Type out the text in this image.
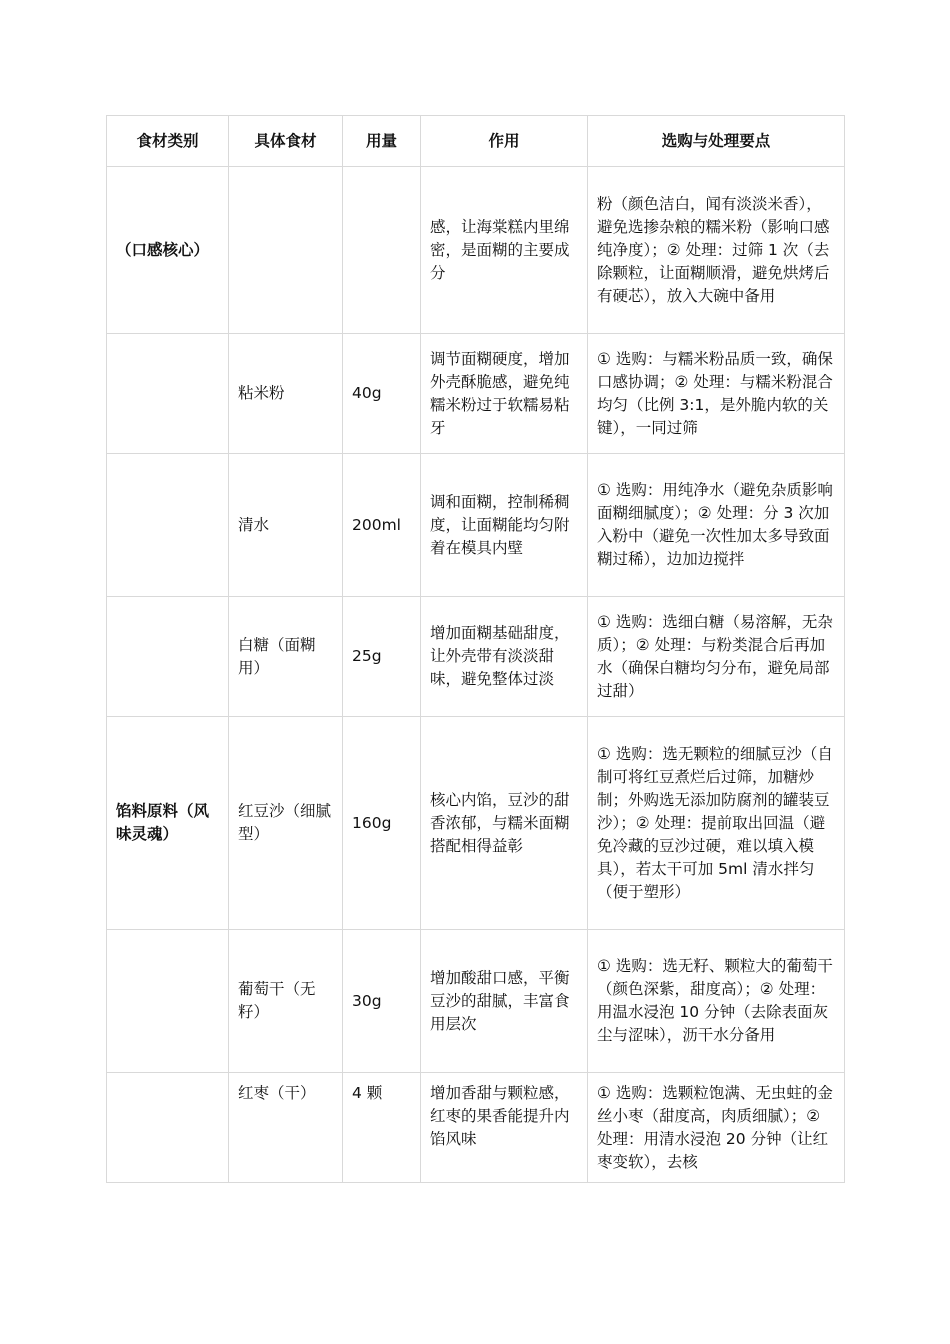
食材类别	具体食材	用量	作用	选购与处理要点
（口感核心）			感，让海棠糕内里绵密，是面糊的主要成分	粉（颜色洁白，闻有淡淡米香），避免选掺杂粮的糯米粉（影响口感纯净度）；② 处理：过筛 1 次（去除颗粒，让面糊顺滑，避免烘烤后有硬芯），放入大碗中备用
	粘米粉	40g	调节面糊硬度，增加外壳酥脆感，避免纯糯米粉过于软糯易粘牙	① 选购：与糯米粉品质一致，确保口感协调；② 处理：与糯米粉混合均匀（比例 3:1，是外脆内软的关键），一同过筛
	清水	200ml	调和面糊，控制稀稠度，让面糊能均匀附着在模具内壁	① 选购：用纯净水（避免杂质影响面糊细腻度）；② 处理：分 3 次加入粉中（避免一次性加太多导致面糊过稀），边加边搅拌
	白糖（面糊用）	25g	增加面糊基础甜度，让外壳带有淡淡甜味，避免整体过淡	① 选购：选细白糖（易溶解，无杂质）；② 处理：与粉类混合后再加水（确保白糖均匀分布，避免局部过甜）
馅料原料（风味灵魂）	红豆沙（细腻型）	160g	核心内馅，豆沙的甜香浓郁，与糯米面糊搭配相得益彰	① 选购：选无颗粒的细腻豆沙（自制可将红豆煮烂后过筛，加糖炒制；外购选无添加防腐剂的罐装豆沙）；② 处理：提前取出回温（避免冷藏的豆沙过硬，难以填入模具），若太干可加 5ml 清水拌匀（便于塑形）
	葡萄干（无籽）	30g	增加酸甜口感，平衡豆沙的甜腻，丰富食用层次	① 选购：选无籽、颗粒大的葡萄干（颜色深紫，甜度高）；② 处理：用温水浸泡 10 分钟（去除表面灰尘与涩味），沥干水分备用
	红枣（干）	4 颗	增加香甜与颗粒感，红枣的果香能提升内馅风味	① 选购：选颗粒饱满、无虫蛀的金丝小枣（甜度高，肉质细腻）；② 处理：用清水浸泡 20 分钟（让红枣变软），去核
